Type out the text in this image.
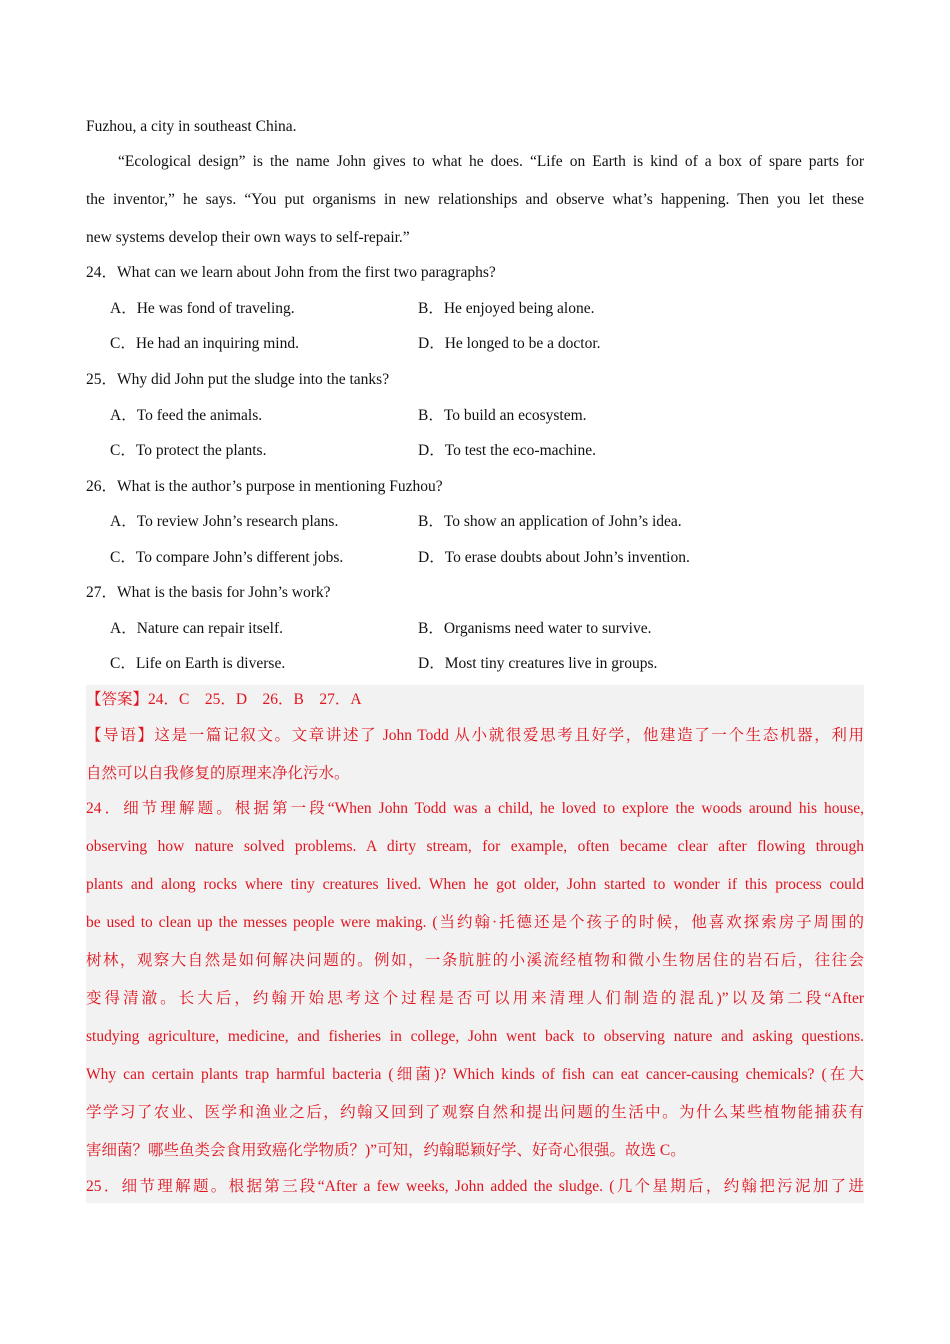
Fuzhou, a city in southeast China.
“Ecological design” is the name John gives to what he does. “Life on Earth is kind of a box of spare parts for
the inventor,” he says. “You put organisms in new relationships and observe what’s happening. Then you let these
new systems develop their own ways to self-repair.”
24．What can we learn about John from the first two paragraphs?
A．He was fond of traveling.	B．He enjoyed being alone.
C．He had an inquiring mind.	D．He longed to be a doctor.
25．Why did John put the sludge into the tanks?
A．To feed the animals.	B．To build an ecosystem.
C．To protect the plants.	D．To test the eco-machine.
26．What is the author’s purpose in mentioning Fuzhou?
A．To review John’s research plans.	B．To show an application of John’s idea.
C．To compare John’s different jobs.	D．To erase doubts about John’s invention.
27．What is the basis for John’s work?
A．Nature can repair itself.	B．Organisms need water to survive.
C．Life on Earth is diverse.	D．Most tiny creatures live in groups.
【答案】24．C　25．D　26．B　27．A
【导语】这是一篇记叙文。文章讲述了 John Todd 从小就很爱思考且好学，他建造了一个生态机器，利用
自然可以自我修复的原理来净化污水。
24．细节理解题。根据第一段“When John Todd was a child, he loved to explore the woods around his house,
observing how nature solved problems. A dirty stream, for example, often became clear after flowing through
plants and along rocks where tiny creatures lived. When he got older, John started to wonder if this process could
be used to clean up the messes people were making. (当约翰·托德还是个孩子的时候，他喜欢探索房子周围的
树林，观察大自然是如何解决问题的。例如，一条肮脏的小溪流经植物和微小生物居住的岩石后，往往会
变得清澈。长大后，约翰开始思考这个过程是否可以用来清理人们制造的混乱)”以及第二段“After
studying agriculture, medicine, and fisheries in college, John went back to observing nature and asking questions.
Why can certain plants trap harmful bacteria (细菌)? Which kinds of fish can eat cancer-causing chemicals? (在大
学学习了农业、医学和渔业之后，约翰又回到了观察自然和提出问题的生活中。为什么某些植物能捕获有
害细菌？哪些鱼类会食用致癌化学物质？)”可知，约翰聪颖好学、好奇心很强。故选 C。
25．细节理解题。根据第三段“After a few weeks, John added the sludge. (几个星期后，约翰把污泥加了进
